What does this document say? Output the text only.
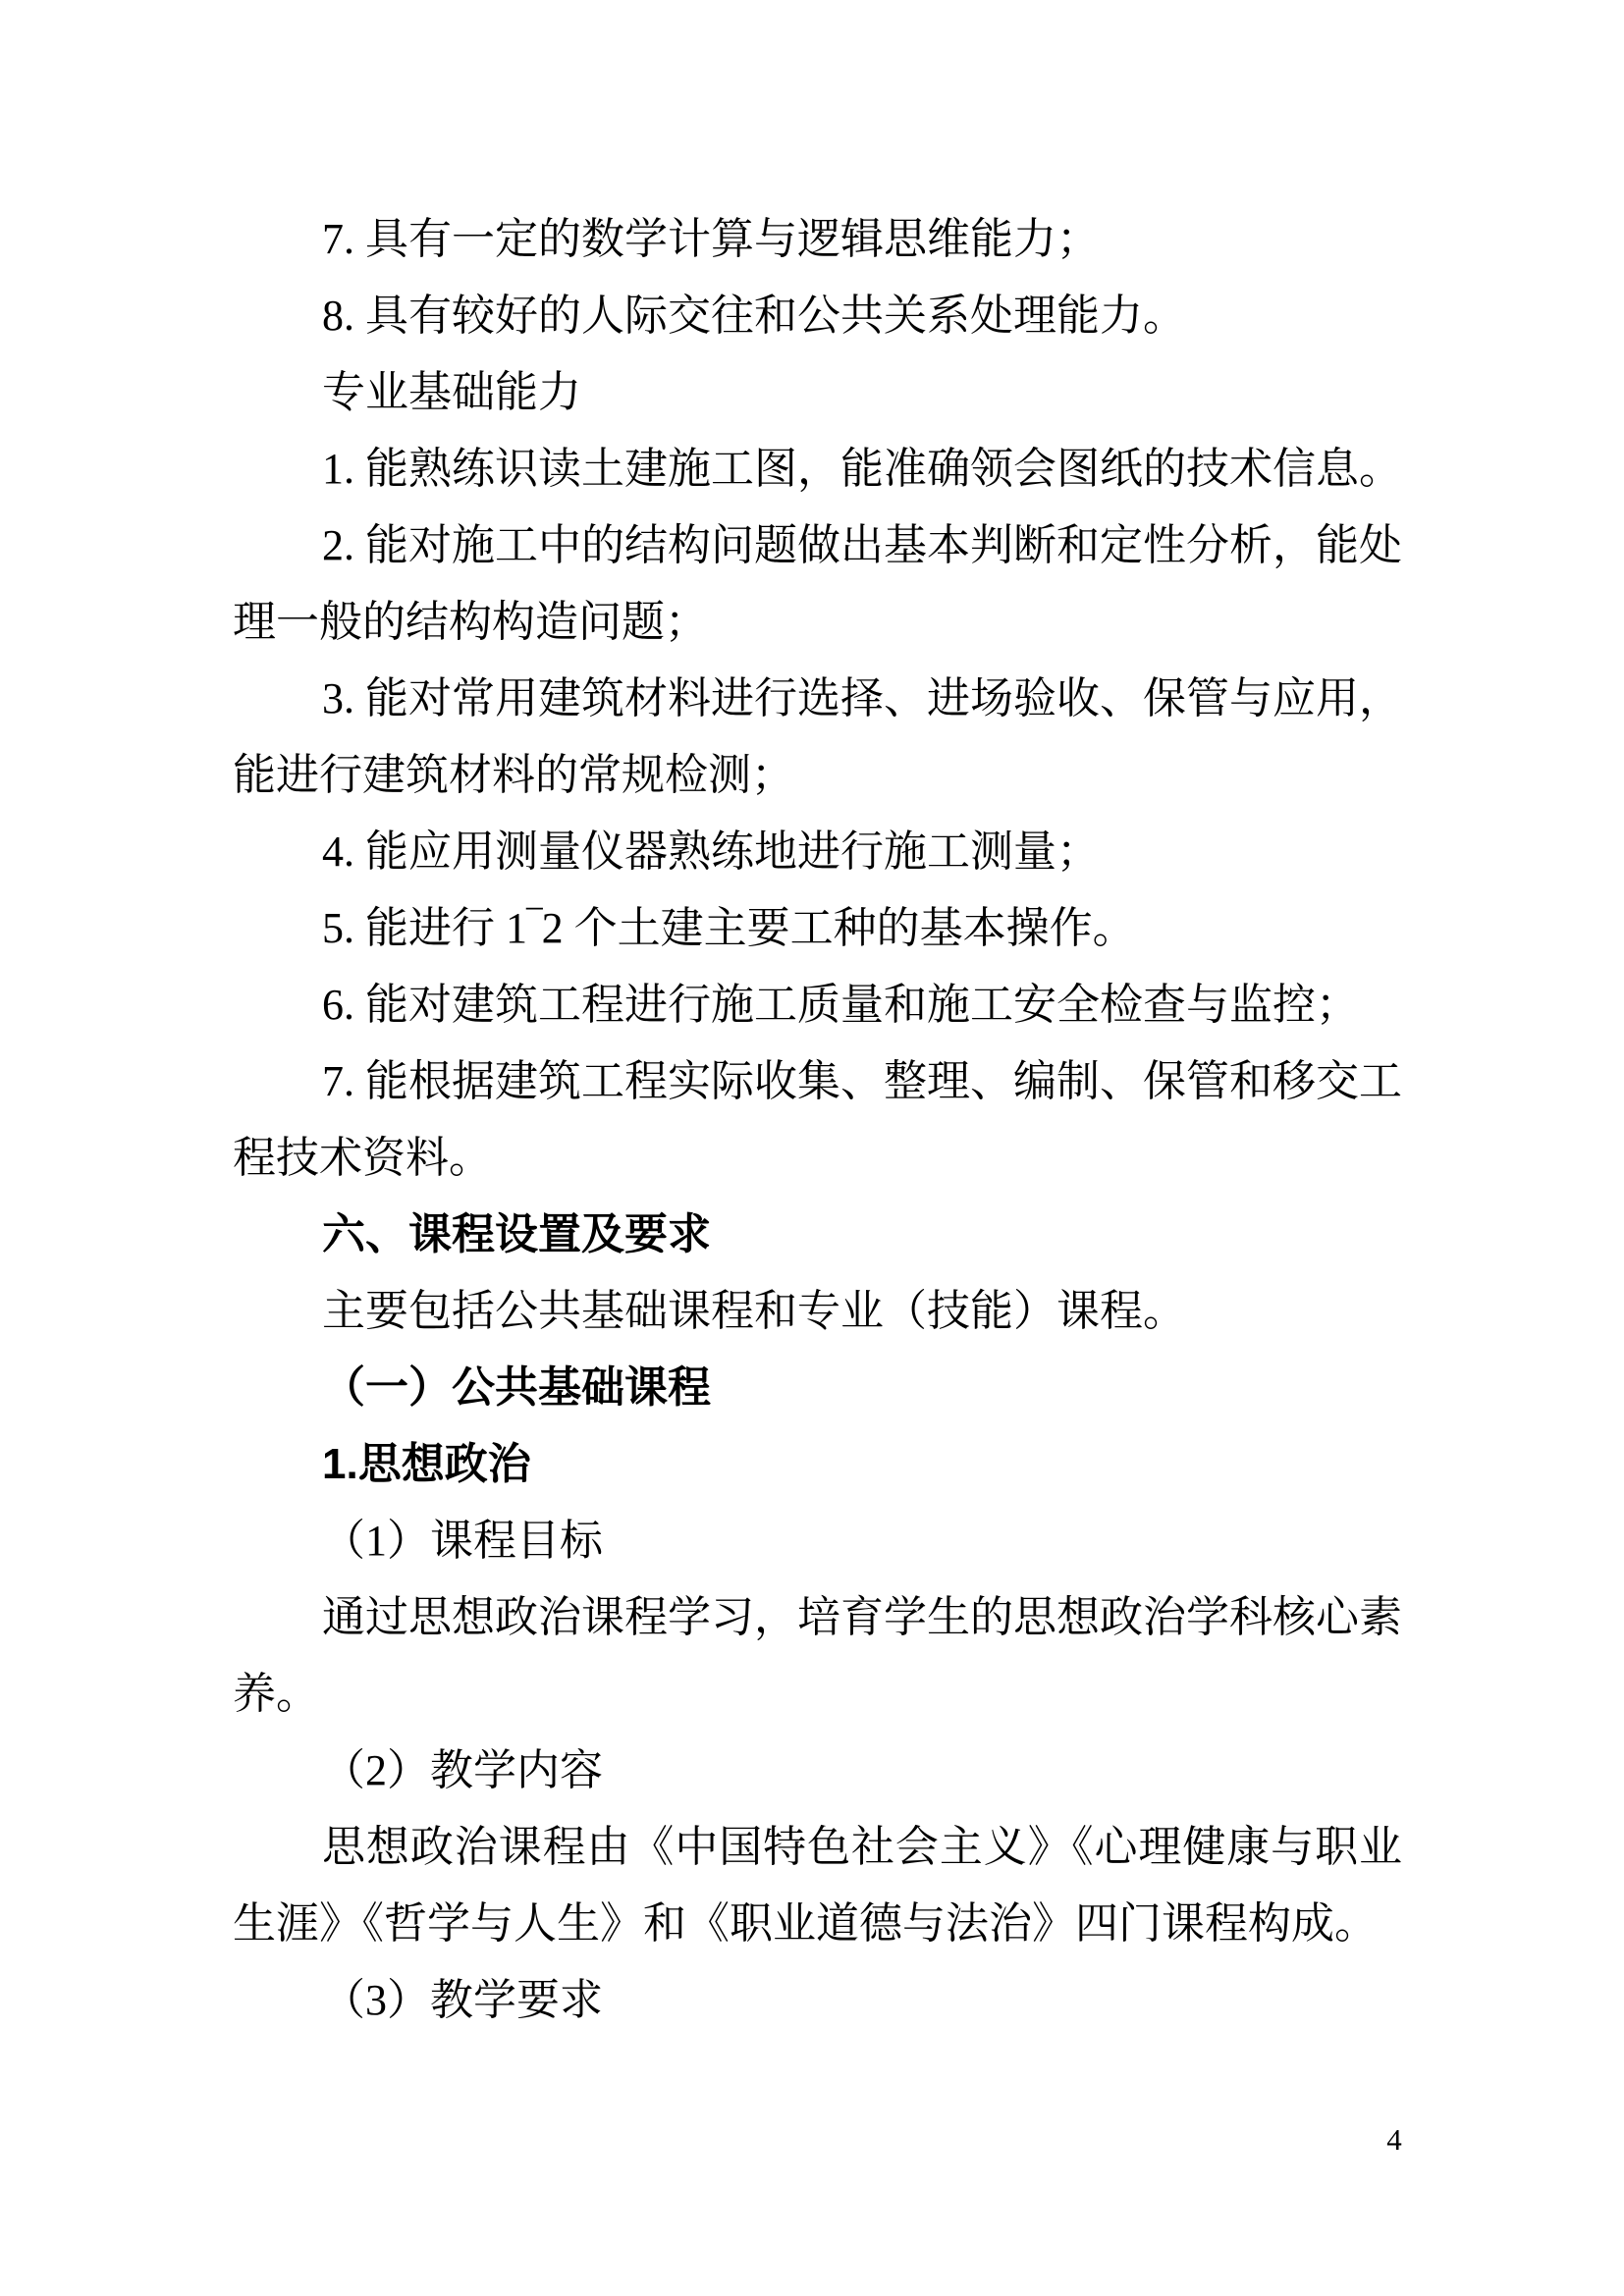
7. 具有一定的数学计算与逻辑思维能力；
8. 具有较好的人际交往和公共关系处理能力。
专业基础能力
1. 能熟练识读土建施工图，能准确领会图纸的技术信息。
2. 能对施工中的结构问题做出基本判断和定性分析，能处
理一般的结构构造问题；
3. 能对常用建筑材料进行选择、进场验收、保管与应用，
能进行建筑材料的常规检测；
4. 能应用测量仪器熟练地进行施工测量；
5. 能进行 1‾2 个土建主要工种的基本操作。
6. 能对建筑工程进行施工质量和施工安全检查与监控；
7. 能根据建筑工程实际收集、整理、编制、保管和移交工
程技术资料。
六、课程设置及要求
主要包括公共基础课程和专业（技能）课程。
（一）公共基础课程
1.思想政治
（1）课程目标
通过思想政治课程学习，培育学生的思想政治学科核心素
养。
（2）教学内容
思想政治课程由《中国特色社会主义》《心理健康与职业
生涯》《哲学与人生》和《职业道德与法治》四门课程构成。
（3）教学要求
4
